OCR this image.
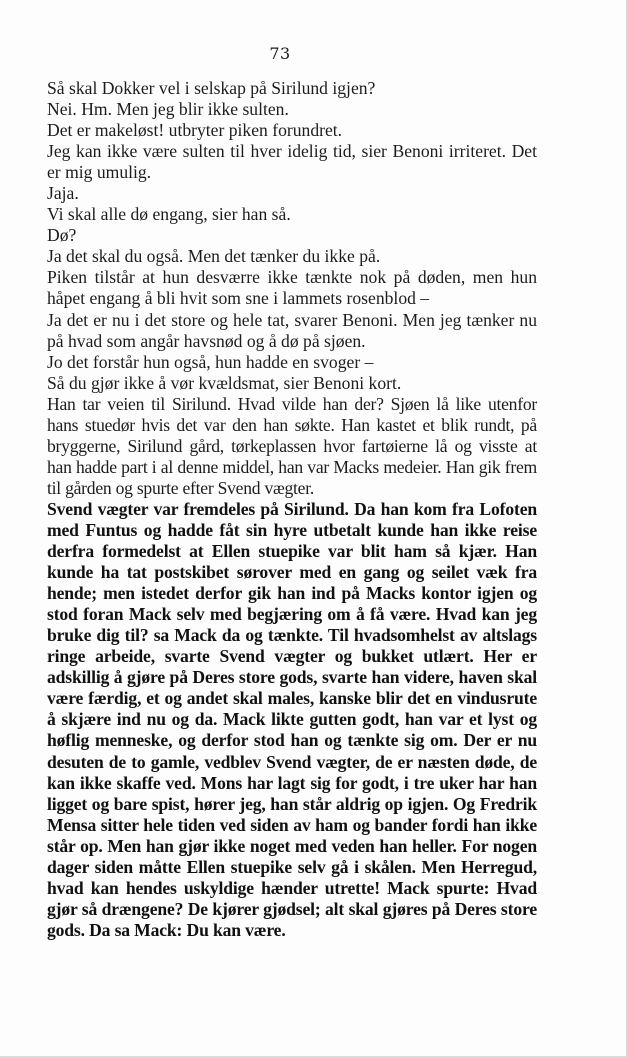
73

Så skal Dokker vel i selskap på Sirilund igjen?

Nei. Hm. Men jeg blir ikke sulten.

Det er makeløst! utbryter piken forundret.

Jeg kan ikke være sulten til hver idelig tid, sier Benoni irriteret. Det er mig umulig.

Jaja.

Vi skal alle dø engang, sier han så.

Dø?

Ja det skal du også. Men det tænker du ikke på.

Piken tilstår at hun desværre ikke tænkte nok på døden, men hun håpet engang å bli hvit som sne i lammets rosenblod –

Ja det er nu i det store og hele tat, svarer Benoni. Men jeg tænker nu på hvad som angår havsnød og å dø på sjøen.

Jo det forstår hun også, hun hadde en svoger –

Så du gjør ikke å vør kvældsmat, sier Benoni kort.

Han tar veien til Sirilund. Hvad vilde han der? Sjøen lå like utenfor hans stuedør hvis det var den han søkte. Han kastet et blik rundt, på bryggerne, Sirilund gård, tørkeplassen hvor fartøierne lå og visste at han hadde part i al denne middel, han var Macks medeier. Han gik frem til gården og spurte efter Svend vægter.

Svend vægter var fremdeles på Sirilund. Da han kom fra Lofoten med Funtus og hadde fåt sin hyre utbetalt kunde han ikke reise derfra formedelst at Ellen stuepike var blit ham så kjær. Han kunde ha tat postskibet sørover med en gang og seilet væk fra hende; men istedet derfor gik han ind på Macks kontor igjen og stod foran Mack selv med begjæring om å få være. Hvad kan jeg bruke dig til? sa Mack da og tænkte. Til hvadsomhelst av altslags ringe arbeide, svarte Svend vægter og bukket utlært. Her er adskillig å gjøre på Deres store gods, svarte han videre, haven skal være færdig, et og andet skal males, kanske blir det en vindusrute å skjære ind nu og da. Mack likte gutten godt, han var et lyst og høflig menneske, og derfor stod han og tænkte sig om. Der er nu desuten de to gamle, vedblev Svend vægter, de er næsten døde, de kan ikke skaffe ved. Mons har lagt sig for godt, i tre uker har han ligget og bare spist, hører jeg, han står aldrig op igjen. Og Fredrik Mensa sitter hele tiden ved siden av ham og bander fordi han ikke står op. Men han gjør ikke noget med veden han heller. For nogen dager siden måtte Ellen stuepike selv gå i skålen. Men Herregud, hvad kan hendes uskyldige hænder utrette! Mack spurte: Hvad gjør så drængene? De kjører gjødsel; alt skal gjøres på Deres store gods. Da sa Mack: Du kan være.
